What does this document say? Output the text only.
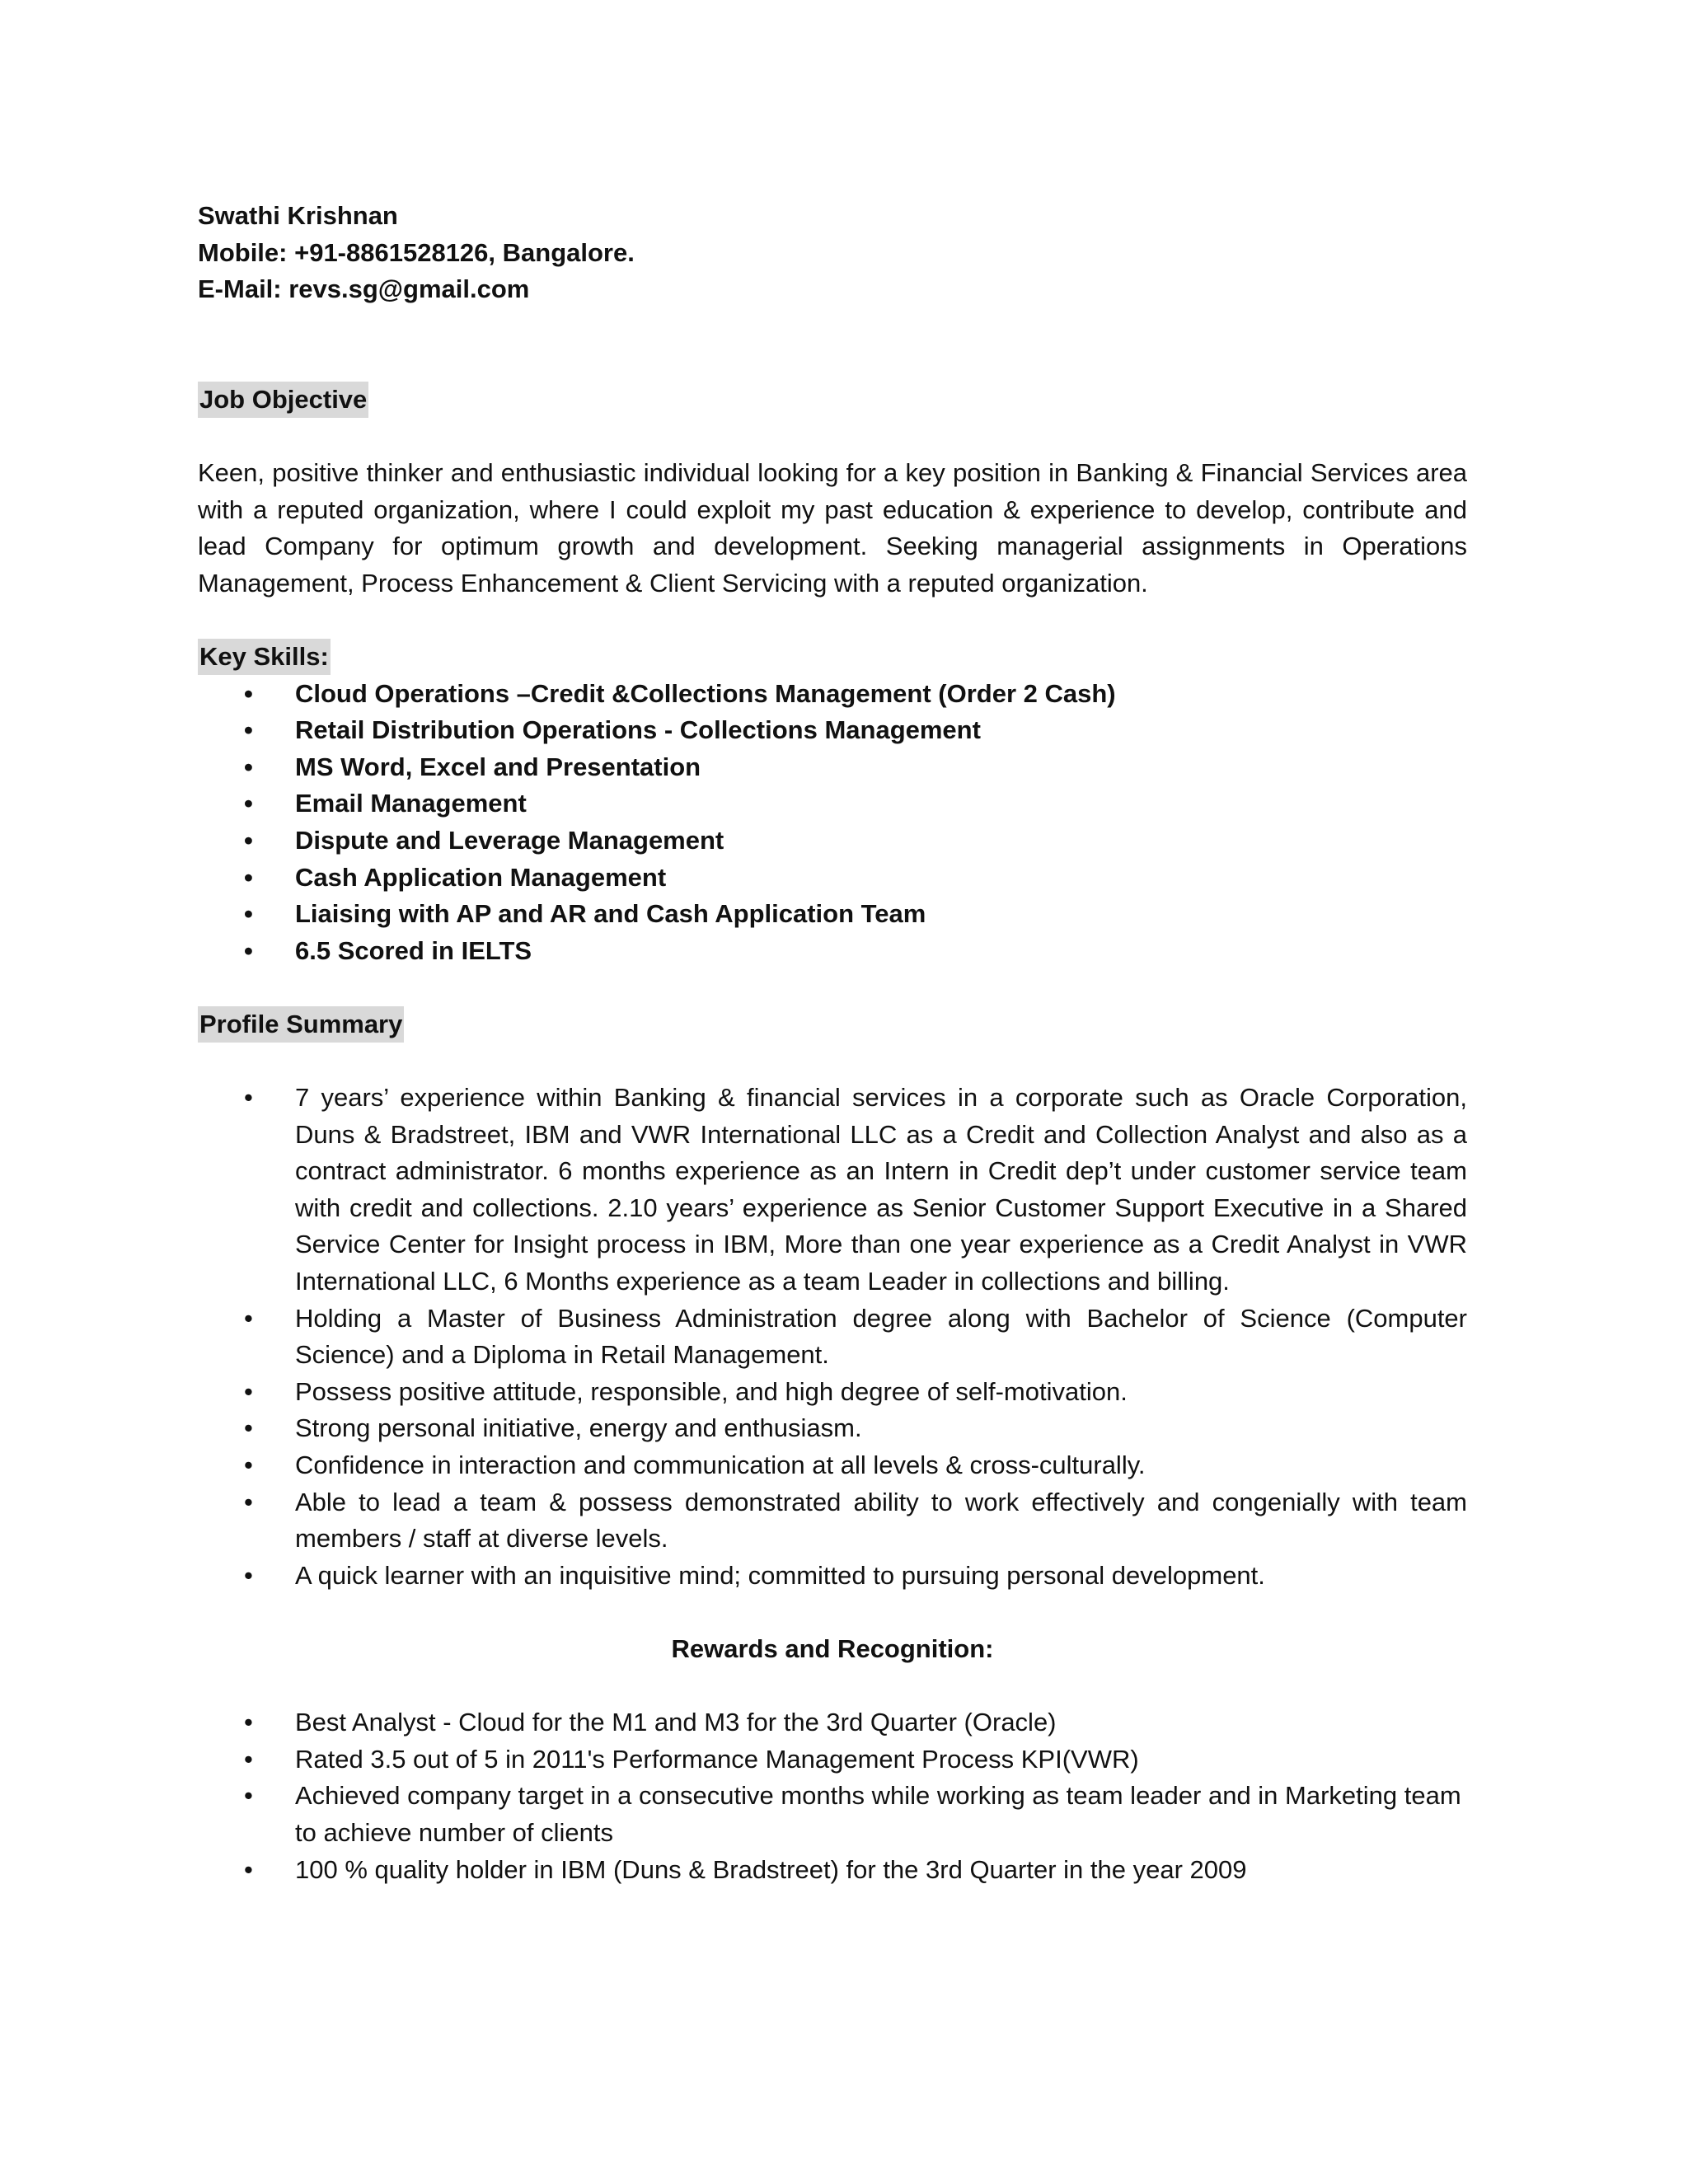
Swathi Krishnan
Mobile: +91-8861528126, Bangalore.
E-Mail: revs.sg@gmail.com
Job Objective

Keen, positive thinker and enthusiastic individual looking for a key position in Banking & Financial Services area with a reputed organization, where I could exploit my past education & experience to develop, contribute and lead Company for optimum growth and development. Seeking managerial assignments in Operations Management, Process Enhancement & Client Servicing with a reputed organization.

Key Skills:
• Cloud Operations –Credit &Collections Management (Order 2 Cash)
• Retail Distribution Operations - Collections Management
• MS Word, Excel and Presentation
• Email Management
• Dispute and Leverage Management
• Cash Application Management
• Liaising with AP and AR and Cash Application Team
• 6.5 Scored in IELTS
Profile Summary
• 7 years’ experience within Banking & financial services in a corporate such as Oracle Corporation, Duns & Bradstreet, IBM and VWR International LLC as a Credit and Collection Analyst and also as a contract administrator. 6 months experience as an Intern in Credit dep’t under customer service team with credit and collections. 2.10 years’ experience as Senior Customer Support Executive in a Shared Service Center for Insight process in IBM, More than one year experience as a Credit Analyst in VWR International LLC, 6 Months experience as a team Leader in collections and billing.
• Holding a Master of Business Administration degree along with Bachelor of Science (Computer Science) and a Diploma in Retail Management.
• Possess positive attitude, responsible, and high degree of self-motivation.
• Strong personal initiative, energy and enthusiasm.
• Confidence in interaction and communication at all levels & cross-culturally.
• Able to lead a team & possess demonstrated ability to work effectively and congenially with team members / staff at diverse levels.
• A quick learner with an inquisitive mind; committed to pursuing personal development.
Rewards and Recognition:
• Best Analyst - Cloud for the M1 and M3 for the 3rd Quarter (Oracle)
• Rated 3.5 out of 5 in 2011's Performance Management Process KPI(VWR)
• Achieved company target in a consecutive months while working as team leader and in Marketing team to achieve number of clients
• 100 % quality holder in IBM (Duns & Bradstreet) for the 3rd Quarter in the year 2009
